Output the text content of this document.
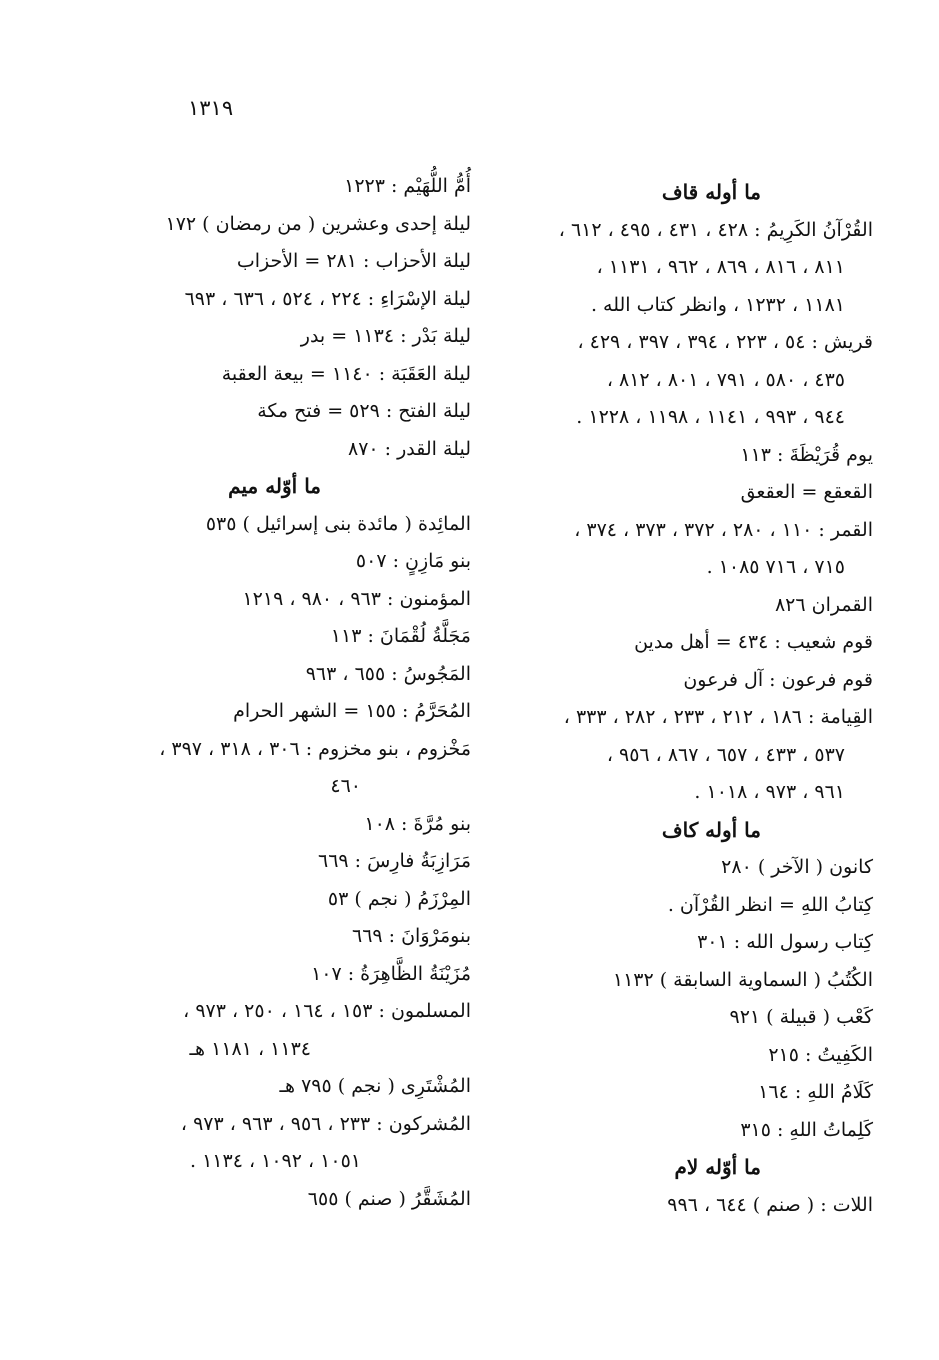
١٣١٩
ما أوله قاف
القُرْآنُ الكَرِيمُ : ٤٢٨ ، ٤٣١ ، ٤٩٥ ، ٦١٢ ،
٨١١ ، ٨١٦ ، ٨٦٩ ، ٩٦٢ ، ١١٣١ ،
١١٨١ ، ١٢٣٢ ، وانظر كتاب الله .
قريش : ٥٤ ، ٢٢٣ ، ٣٩٤ ، ٣٩٧ ، ٤٢٩ ،
٤٣٥ ، ٥٨٠ ، ٧٩١ ، ٨٠١ ، ٨١٢ ،
٩٤٤ ، ٩٩٣ ، ١١٤١ ، ١١٩٨ ، ١٢٢٨ .
يوم قُرَيْظَةَ : ١١٣
القعقع = العقعق
القمر : ١١٠ ، ٢٨٠ ، ٣٧٢ ، ٣٧٣ ، ٣٧٤ ،
٧١٥ ، ٧١٦ ١٠٨٥ .
القمران ٨٢٦
قوم شعيب : ٤٣٤ = أهل مدين
قوم فرعون : آل فرعون
القِيامة : ١٨٦ ، ٢١٢ ، ٢٣٣ ، ٢٨٢ ، ٣٣٣ ،
٥٣٧ ، ٤٣٣ ، ٦٥٧ ، ٨٦٧ ، ٩٥٦ ،
٩٦١ ، ٩٧٣ ، ١٠١٨ .
ما أوله كاف
كانون ( الآخر ) ٢٨٠
كِتابُ اللهِ = انظر القُرْآن .
كِتاب رسول الله : ٣٠١
الكُتُبُ ( السماوية السابقة ) ١١٣٢
كَعْب ( قبيلة ) ٩٢١
الكَفِيتُ : ٢١٥
كَلَامُ اللهِ : ١٦٤
كَلِماتُ اللهِ : ٣١٥
ما أوّله لام
اللات : ( صنم ) ٦٤٤ ، ٩٩٦
أُمُّ اللُّهَيْم : ١٢٢٣
ليلة إحدى وعشرين ( من رمضان ) ١٧٢
ليلة الأحزاب : ٢٨١ = الأحزاب
ليلة الإسْرَاءِ : ٢٢٤ ، ٥٢٤ ، ٦٣٦ ، ٦٩٣
ليلة بَدْر : ١١٣٤ = بدر
ليلة العَقَبَة : ١١٤٠ = بيعة العقبة
ليلة الفتح : ٥٢٩ = فتح مكة
ليلة القدر : ٨٧٠
ما أوّله ميم
المائِدة ( مائدة بنى إسرائيل ) ٥٣٥
بنو مَازِنٍ : ٥٠٧
المؤمنون : ٩٦٣ ، ٩٨٠ ، ١٢١٩
مَجَلَّةُ لُقْمَانَ : ١١٣
المَجُوسُ : ٦٥٥ ، ٩٦٣
المُحَرَّمُ : ١٥٥ = الشهر الحرام
مَخْزوم ، بنو مخزوم : ٣٠٦ ، ٣١٨ ، ٣٩٧ ،
٤٦٠
بنو مُرَّةَ : ١٠٨
مَرَازِبَةُ فارِسَ : ٦٦٩
المِرْزَمُ ( نجم ) ٥٣
بنومَرْوَانَ : ٦٦٩
مُزَيْنَةُ الظَّاهِرَةُ : ١٠٧
المسلمون : ١٥٣ ، ١٦٤ ، ٢٥٠ ، ٩٧٣ ،
١١٣٤ ، ١١٨١ هـ
المُشْتَرِى ( نجم ) ٧٩٥ هـ
المُشركون : ٢٣٣ ، ٩٥٦ ، ٩٦٣ ، ٩٧٣ ،
١٠٥١ ، ١٠٩٢ ، ١١٣٤ .
المُشَقَّرُ ( صنم ) ٦٥٥
